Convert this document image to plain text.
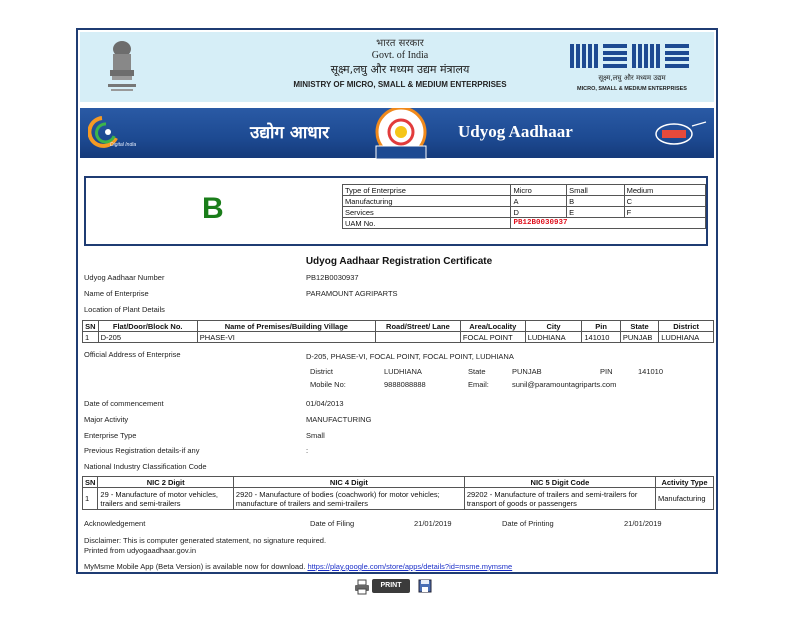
भारत सरकार
Govt. of India
सूक्ष्म,लघु और मध्यम उद्यम मंत्रालय
MINISTRY OF MICRO, SMALL & MEDIUM ENTERPRISES
सूक्ष्म,लघु और मध्यम उद्यम
MICRO, SMALL & MEDIUM ENTERPRISES
Digital India
उद्योग आधार	Udyog Aadhaar
B
Type of Enterprise	Micro	Small	Medium
Manufacturing	A	B	C
Services	D	E	F
UAM No.	PB12B0030937		
Udyog Aadhaar Registration Certificate
Udyog Aadhaar Number	PB12B0030937
Name of Enterprise	PARAMOUNT AGRIPARTS
Location of Plant Details
SN	Flat/Door/Block No.	Name of Premises/Building Village	Road/Street/ Lane	Area/Locality	City	Pin	State	District
1	D-205	PHASE-VI		FOCAL POINT	LUDHIANA	141010	PUNJAB	LUDHIANA
Official Address of Enterprise	D-205, PHASE-VI, FOCAL POINT, FOCAL POINT, LUDHIANA
District	LUDHIANA	State	PUNJAB	PIN	141010
Mobile No:	9888088888	Email:	sunil@paramountagriparts.com
Date of commencement	01/04/2013
Major Activity	MANUFACTURING
Enterprise Type	Small
Previous Registration details-if any	:
National Industry Classification Code
SN	NIC 2 Digit	NIC 4 Digit	NIC 5 Digit Code	Activity Type
1	29 - Manufacture of motor vehicles, trailers and semi-trailers	2920 - Manufacture of bodies (coachwork) for motor vehicles; manufacture of trailers and semi-trailers	29202 - Manufacture of trailers and semi-trailers for transport of goods or passengers	Manufacturing
Acknowledgement	Date of Filing	21/01/2019	Date of Printing	21/01/2019
Disclaimer: This is computer generated statement, no signature required.
Printed from udyogaadhaar.gov.in
MyMsme Mobile App (Beta Version) is available now for download. https://play.google.com/store/apps/details?id=msme.mymsme
PRINT
